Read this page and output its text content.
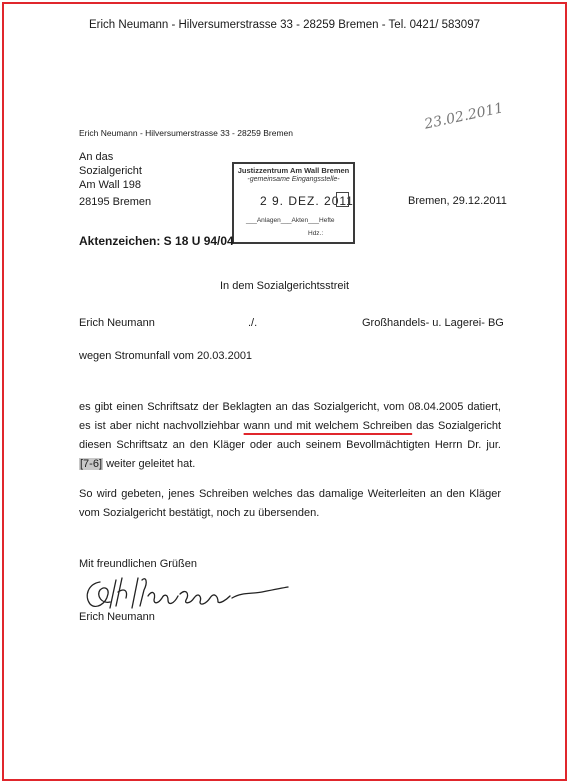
Erich Neumann - Hilversumerstrasse 33 - 28259 Bremen - Tel. 0421/ 583097
Erich Neumann - Hilversumerstrasse 33 - 28259 Bremen
An das
Sozialgericht
Am Wall 198
28195 Bremen
Justizzentrum Am Wall Bremen
-gemeinsame Eingangsstelle-
2 9. DEZ. 2011
___Anlagen___Akten___Hefte
Hdz.:
23.02.2011
Bremen, 29.12.2011
Aktenzeichen: S 18 U 94/04
In dem Sozialgerichtsstreit
Erich Neumann	./.	Großhandels- u. Lagerei- BG
wegen Stromunfall vom 20.03.2001
es gibt einen Schriftsatz der Beklagten an das Sozialgericht, vom 08.04.2005 datiert, es ist aber nicht nachvollziehbar wann und mit welchem Schreiben das Sozialgericht diesen Schriftsatz an den Kläger oder auch seinem Bevollmächtigten Herrn Dr. jur. [7-6] weiter geleitet hat.
So wird gebeten, jenes Schreiben welches das damalige Weiterleiten an den Kläger vom Sozialgericht bestätigt, noch zu übersenden.
Mit freundlichen Grüßen
Erich Neumann
